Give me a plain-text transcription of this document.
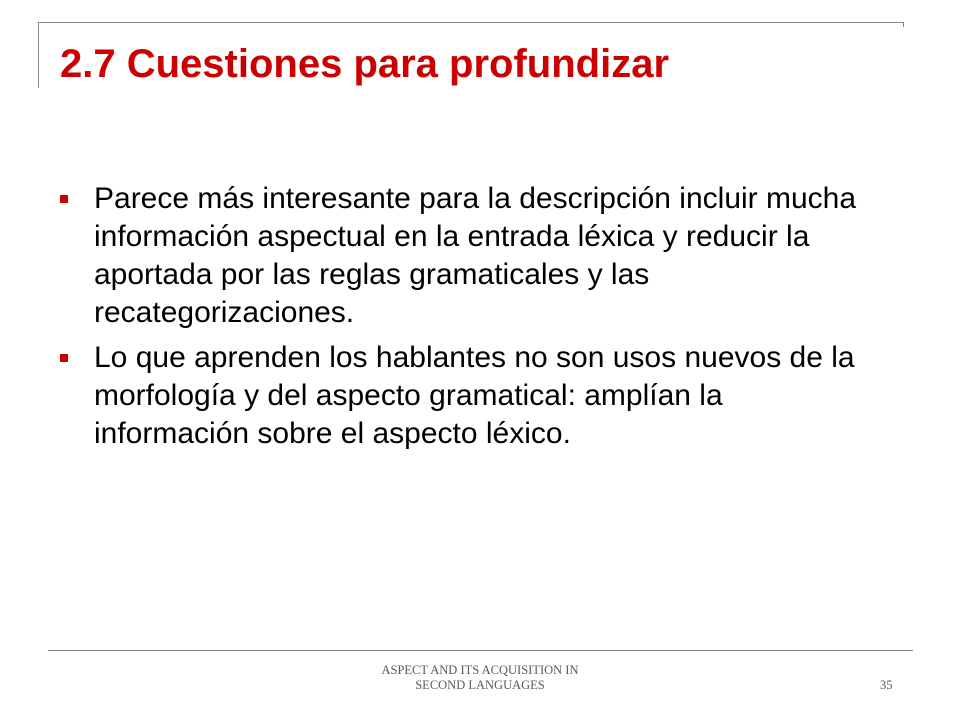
2.7 Cuestiones para profundizar
Parece más interesante para la descripción incluir mucha información aspectual en la entrada léxica y reducir la aportada por las reglas gramaticales y las recategorizaciones.
Lo que aprenden los hablantes no son usos nuevos de la morfología y del aspecto gramatical: amplían la información sobre el aspecto léxico.

ASPECT AND ITS ACQUISITION IN
SECOND LANGUAGES	35
